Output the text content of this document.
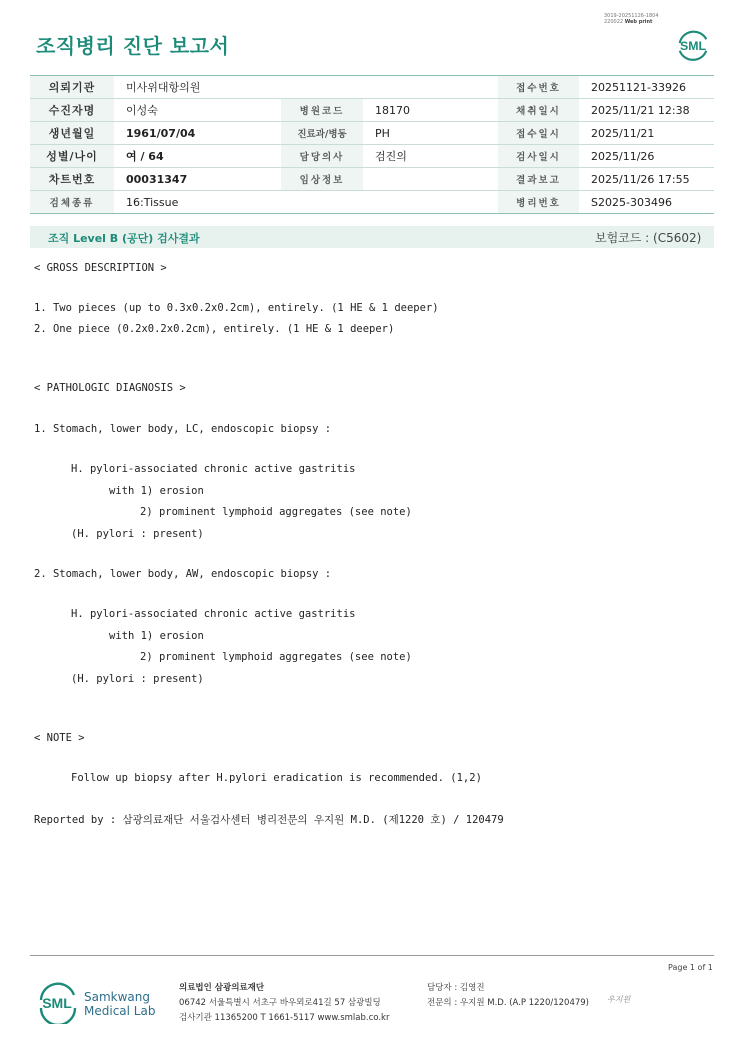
3019-20251126-1804
220022 Web print
조직병리 진단 보고서	SML
의뢰기관	미사위대항의원			접수번호	20251121-33926
수진자명	이성숙	병원코드	18170	채취일시	2025/11/21 12:38
생년월일	1961/07/04	진료과/병동	PH	접수일시	2025/11/21
성별/나이	여 / 64	담당의사	검진의	검사일시	2025/11/26
차트번호	00031347	임상정보		결과보고	2025/11/26 17:55
검체종류	16:Tissue			병리번호	S2025-303496
조직 Level B (공단) 검사결과	보험코드 : (C5602)
< GROSS DESCRIPTION >
1. Two pieces (up to 0.3x0.2x0.2cm), entirely. (1 HE & 1 deeper)
2. One piece (0.2x0.2x0.2cm), entirely. (1 HE & 1 deeper)
< PATHOLOGIC DIAGNOSIS >
1. Stomach, lower body, LC, endoscopic biopsy :
H. pylori-associated chronic active gastritis
with 1) erosion
2) prominent lymphoid aggregates (see note)
(H. pylori : present)
2. Stomach, lower body, AW, endoscopic biopsy :
H. pylori-associated chronic active gastritis
with 1) erosion
2) prominent lymphoid aggregates (see note)
(H. pylori : present)
< NOTE >
Follow up biopsy after H.pylori eradication is recommended. (1,2)
Reported by : 삼광의료재단 서울검사센터 병리전문의 우지원 M.D. (제1220 호) / 120479
Page 1 of 1
SML Samkwang
Medical Lab
의료법인 삼광의료재단
06742 서울특별시 서초구 바우뫼로41길 57 삼광빌딩
검사기관 11365200 T 1661-5117 www.smlab.co.kr
담당자 : 김영진
전문의 : 우지원 M.D. (A.P 1220/120479) 우지원
